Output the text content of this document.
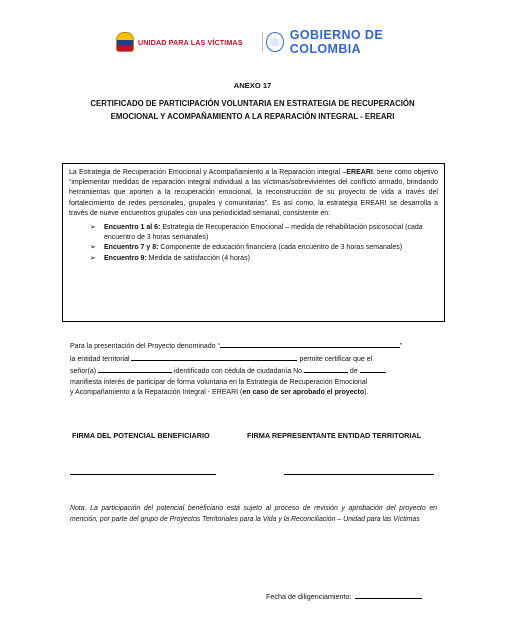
UNIDAD PARA LAS VÍCTIMAS	GOBIERNO DE COLOMBIA
ANEXO 17
CERTIFICADO DE PARTICIPACIÓN VOLUNTARIA EN ESTRATEGIA DE RECUPERACIÓN
EMOCIONAL Y ACOMPAÑAMIENTO A LA REPARACIÓN INTEGRAL - EREARI

La Estrategia de Recuperación Emocional y Acompañamiento a la Reparación integral –EREARI, tiene como objetivo “implementar medidas de reparación integral individual a las víctimas/sobrevivientes del conflicto armado, brindando herramientas que aporten a la recuperación emocional, la reconstrucción de su proyecto de vida a través del fortalecimiento de redes personales, grupales y comunitarias”. Es así como, la estrategia EREARI se desarrolla a través de nueve encuentros grupales con una periodicidad semanal, consistente en:

➢ Encuentro 1 al 6: Estrategia de Recuperación Emocional – medida de rehabilitación psicosocial (cada encuentro de 3 horas semanales)
➢ Encuentro 7 y 8: Componente de educación financiera (cada encuentro de 3 horas semanales)
➢ Encuentro 9: Medida de satisfacción (4 horas)

Para la presentación del Proyecto denominado “	”

la entidad territorial	permite certificar que el

señor(a)	identificado con cédula de ciudadanía No.	de

manifiesta interés de participar de forma voluntaria en la Estrategia de Recuperación Emocional

y Acompañamiento a la Reparación Integral - EREARI (en caso de ser aprobado el proyecto).

FIRMA DEL POTENCIAL BENEFICIARIO	FIRMA REPRESENTANTE ENTIDAD TERRITORIAL
Nota. La participación del potencial beneficiario está sujeto al proceso de revisión y aprobación del proyecto en mención, por parte del grupo de Proyectos Territoriales para la Vida y la Reconciliación – Unidad para las Víctimas
Fecha de diligenciamiento:
